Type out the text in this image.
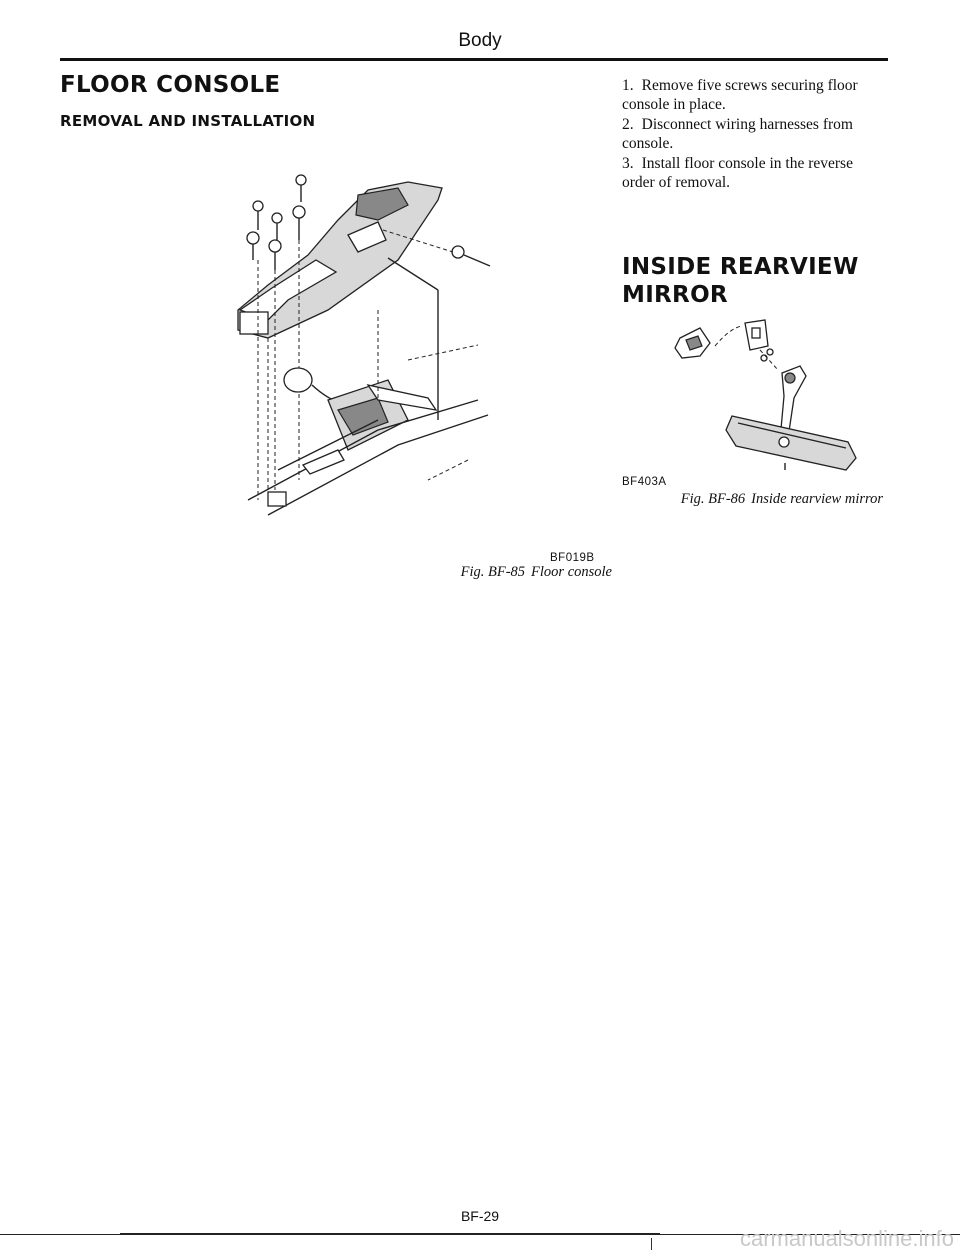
Body
FLOOR CONSOLE
REMOVAL AND INSTALLATION
BF019B
Fig. BF-85 Floor console
1. Remove five screws securing floor console in place.
2. Disconnect wiring harnesses from console.
3. Install floor console in the reverse order of removal.
INSIDE REARVIEW
MIRROR
BF403A
Fig. BF-86 Inside rearview mirror
BF-29
carmanualsonline.info
